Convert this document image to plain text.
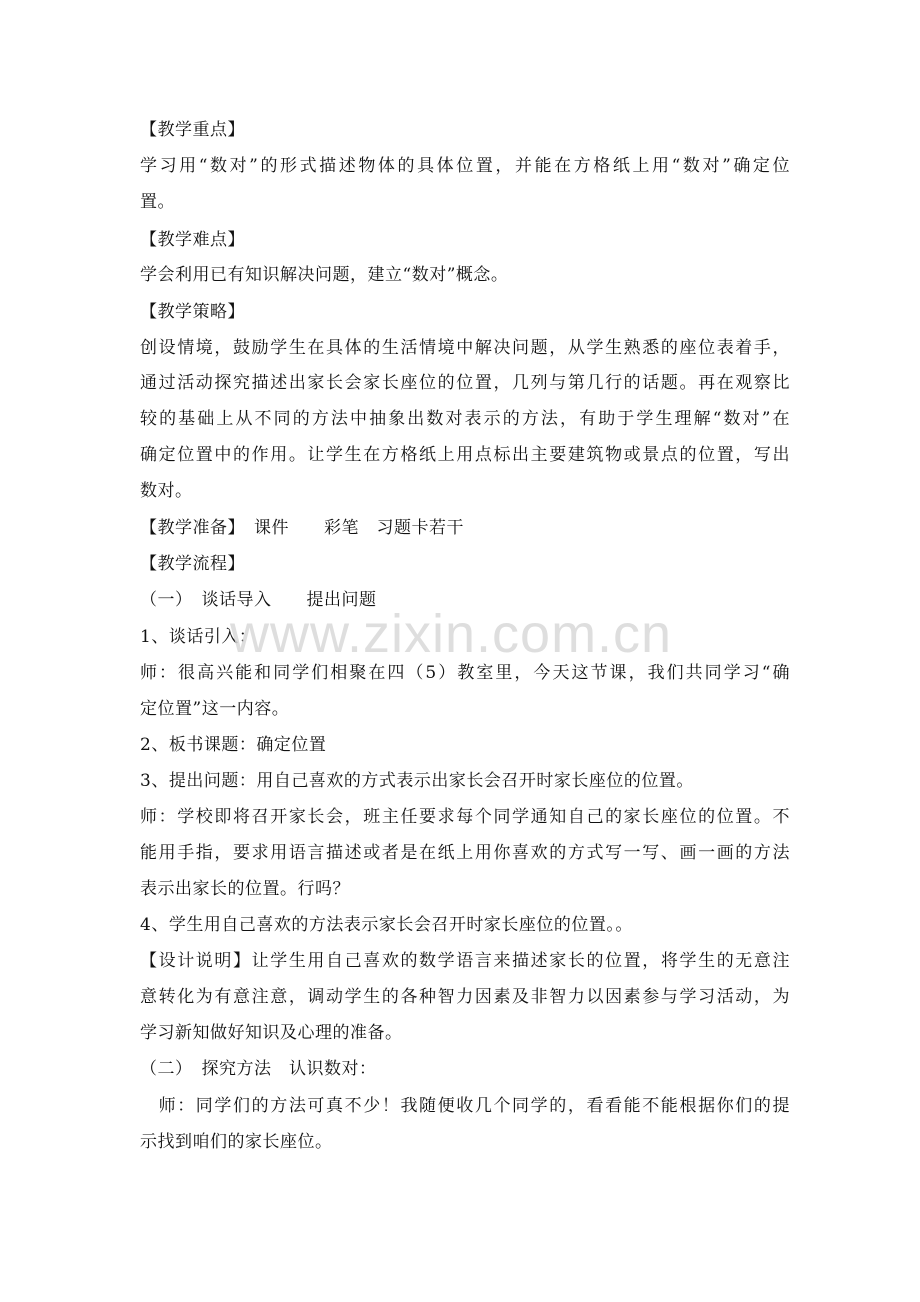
【教学重点】
学习用“数对”的形式描述物体的具体位置，并能在方格纸上用“数对”确定位
置。
【教学难点】
学会利用已有知识解决问题，建立“数对”概念。
【教学策略】
创设情境，鼓励学生在具体的生活情境中解决问题，从学生熟悉的座位表着手，
通过活动探究描述出家长会家长座位的位置，几列与第几行的话题。再在观察比
较的基础上从不同的方法中抽象出数对表示的方法，有助于学生理解“数对”在
确定位置中的作用。让学生在方格纸上用点标出主要建筑物或景点的位置，写出
数对。
【教学准备】　课件　　彩笔　习题卡若干
【教学流程】
（一）　谈话导入　　提出问题
1、谈话引入：
师：很高兴能和同学们相聚在四（5）教室里，今天这节课，我们共同学习“确
定位置”这一内容。
2、板书课题：确定位置
3、提出问题：用自己喜欢的方式表示出家长会召开时家长座位的位置。
师：学校即将召开家长会，班主任要求每个同学通知自己的家长座位的位置。不
能用手指，要求用语言描述或者是在纸上用你喜欢的方式写一写、画一画的方法
表示出家长的位置。行吗？
4、学生用自己喜欢的方法表示家长会召开时家长座位的位置。。
【设计说明】让学生用自己喜欢的数学语言来描述家长的位置，将学生的无意注
意转化为有意注意，调动学生的各种智力因素及非智力以因素参与学习活动，为
学习新知做好知识及心理的准备。
（二）　探究方法　认识数对：
　师：同学们的方法可真不少！我随便收几个同学的，看看能不能根据你们的提
示找到咱们的家长座位。
www.zixin.com.cn
